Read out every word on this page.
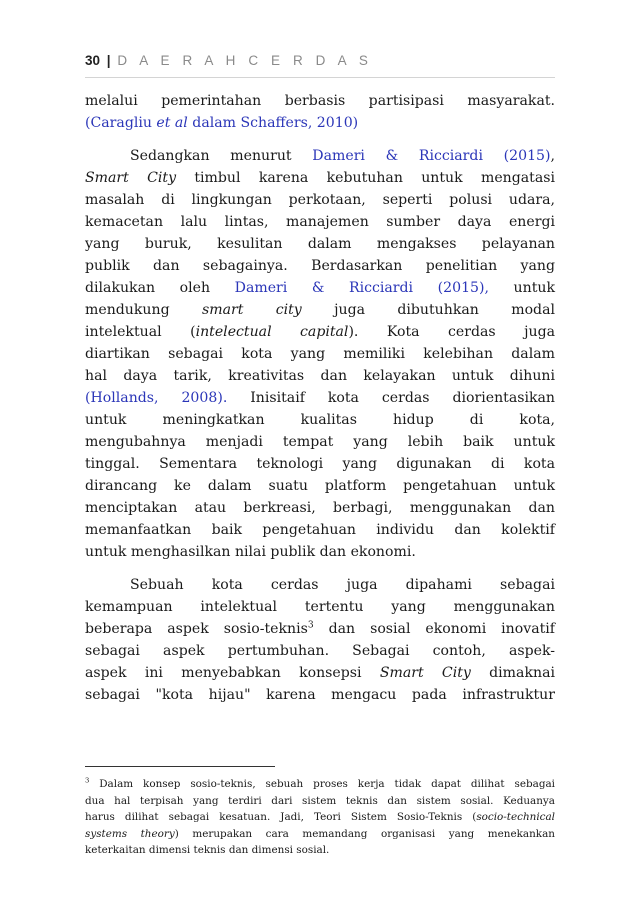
30 | D A E R A H C E R D A S
melalui pemerintahan berbasis partisipasi masyarakat.
(Caragliu et al dalam Schaffers, 2010)
Sedangkan menurut Dameri & Ricciardi (2015),
Smart City timbul karena kebutuhan untuk mengatasi
masalah di lingkungan perkotaan, seperti polusi udara,
kemacetan lalu lintas, manajemen sumber daya energi
yang buruk, kesulitan dalam mengakses pelayanan
publik dan sebagainya. Berdasarkan penelitian yang
dilakukan oleh Dameri & Ricciardi (2015), untuk
mendukung smart city juga dibutuhkan modal
intelektual (intelectual capital). Kota cerdas juga
diartikan sebagai kota yang memiliki kelebihan dalam
hal daya tarik, kreativitas dan kelayakan untuk dihuni
(Hollands, 2008). Inisitaif kota cerdas diorientasikan
untuk meningkatkan kualitas hidup di kota,
mengubahnya menjadi tempat yang lebih baik untuk
tinggal. Sementara teknologi yang digunakan di kota
dirancang ke dalam suatu platform pengetahuan untuk
menciptakan atau berkreasi, berbagi, menggunakan dan
memanfaatkan baik pengetahuan individu dan kolektif
untuk menghasilkan nilai publik dan ekonomi.
Sebuah kota cerdas juga dipahami sebagai
kemampuan intelektual tertentu yang menggunakan
beberapa aspek sosio-teknis$^3$ dan sosial ekonomi inovatif
sebagai aspek pertumbuhan. Sebagai contoh, aspek-
aspek ini menyebabkan konsepsi Smart City dimaknai
sebagai "kota hijau" karena mengacu pada infrastruktur
$^3$ Dalam konsep sosio-teknis, sebuah proses kerja tidak dapat dilihat sebagai
dua hal terpisah yang terdiri dari sistem teknis dan sistem sosial. Keduanya
harus dilihat sebagai kesatuan. Jadi, Teori Sistem Sosio-Teknis (socio-technical
systems theory) merupakan cara memandang organisasi yang menekankan
keterkaitan dimensi teknis dan dimensi sosial.
